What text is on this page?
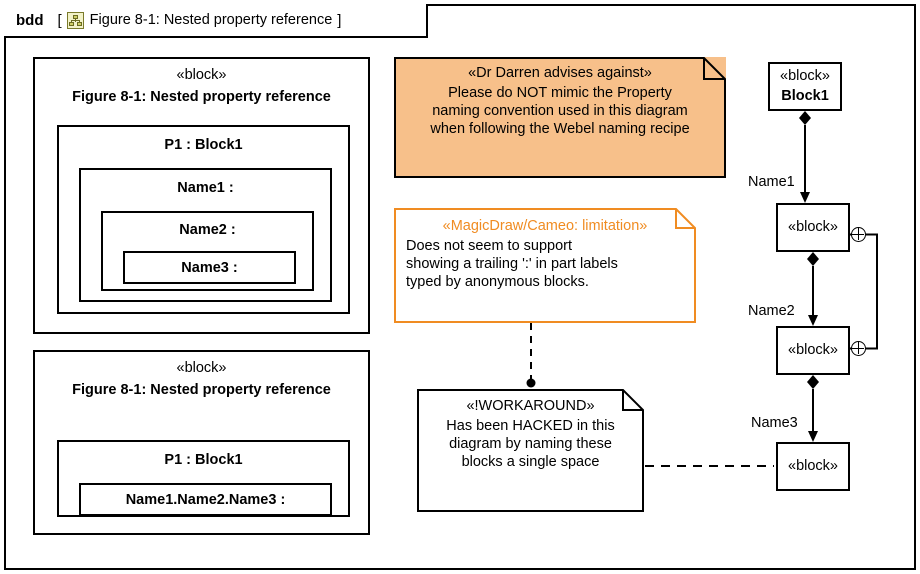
bdd [ Figure 8-1: Nested property reference ]
«block»
Figure 8-1: Nested property reference
P1 : Block1
Name1 :
Name2 :
Name3 :
«block»
Figure 8-1: Nested property reference
P1 : Block1
Name1.Name2.Name3 :
«Dr Darren advises against»
Please do NOT mimic the Property
naming convention used in this diagram
when following the Webel naming recipe
«MagicDraw/Cameo: limitation»
Does not seem to support
showing a trailing ':' in part labels
typed by anonymous blocks.
«!WORKAROUND»
Has been HACKED in this
diagram by naming these
blocks a single space
«block»
Block1
«block»
«block»
«block»
Name1
Name2
Name3
